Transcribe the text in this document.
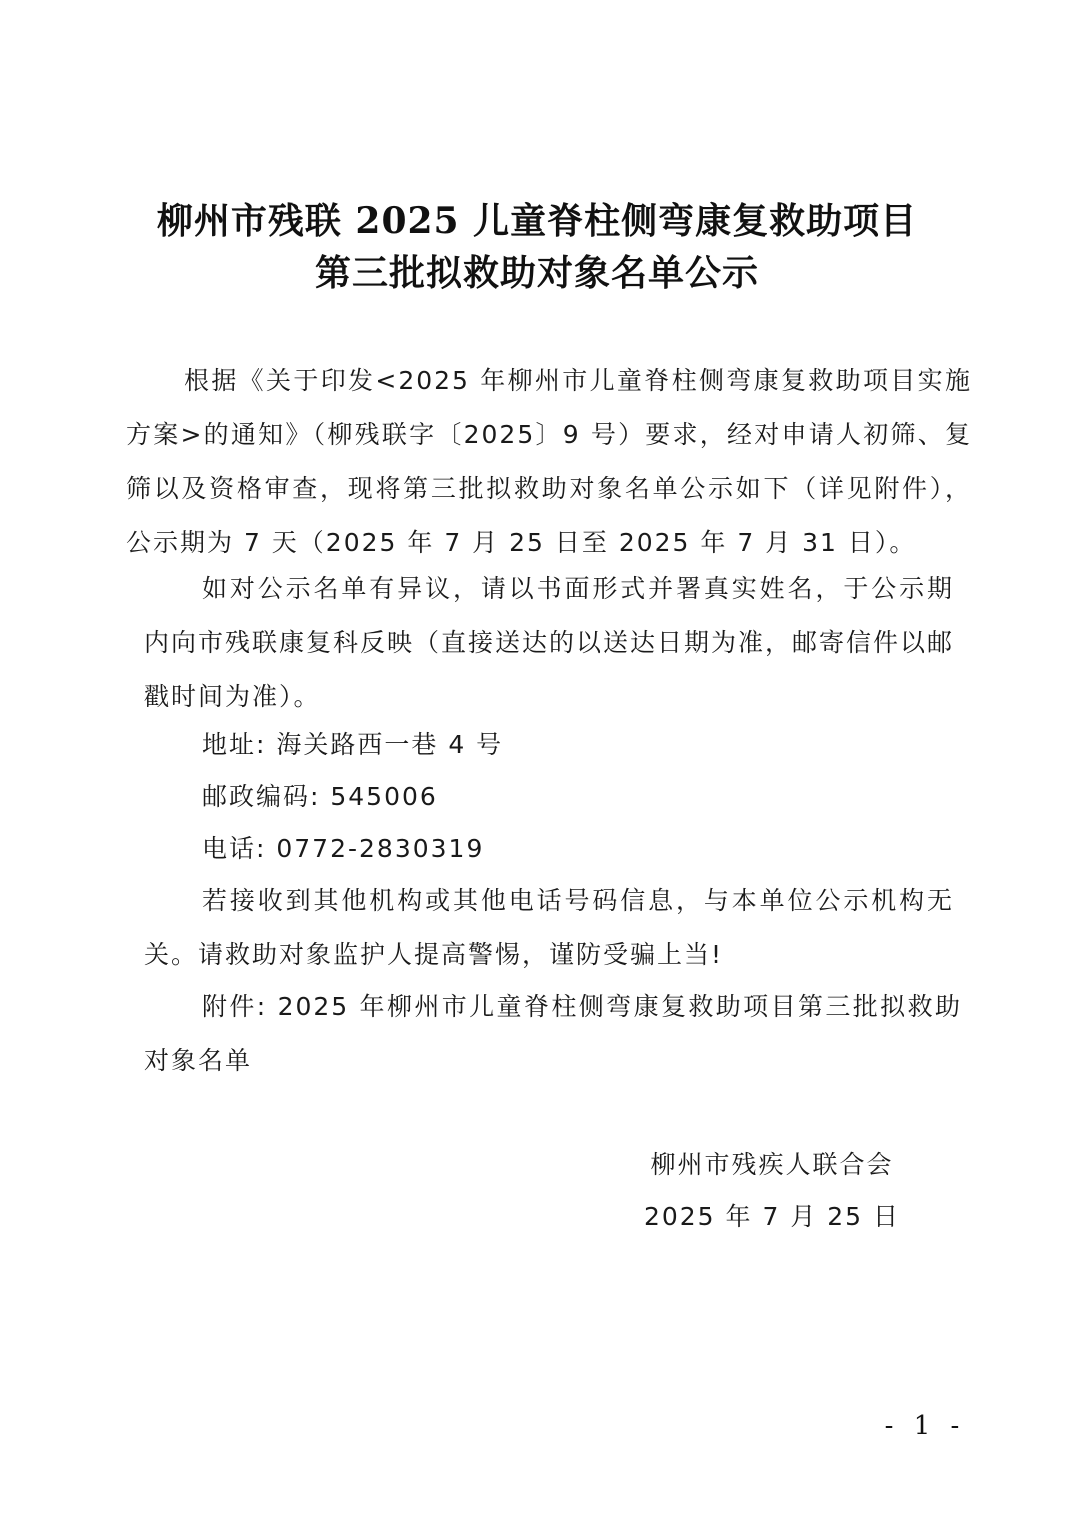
柳州市残联 2025 儿童脊柱侧弯康复救助项目
第三批拟救助对象名单公示

根据《关于印发<2025 年柳州市儿童脊柱侧弯康复救助项目实施方案>的通知》（柳残联字〔2025〕9 号）要求，经对申请人初筛、复筛以及资格审查，现将第三批拟救助对象名单公示如下（详见附件），公示期为 7 天（2025 年 7 月 25 日至 2025 年 7 月 31 日）。

如对公示名单有异议，请以书面形式并署真实姓名，于公示期内向市残联康复科反映（直接送达的以送达日期为准，邮寄信件以邮戳时间为准）。

地址: 海关路西一巷 4 号
邮政编码: 545006
电话: 0772-2830319

若接收到其他机构或其他电话号码信息，与本单位公示机构无关。请救助对象监护人提高警惕，谨防受骗上当!

附件: 2025 年柳州市儿童脊柱侧弯康复救助项目第三批拟救助对象名单

柳州市残疾人联合会
2025 年 7 月 25 日
- 1 -
